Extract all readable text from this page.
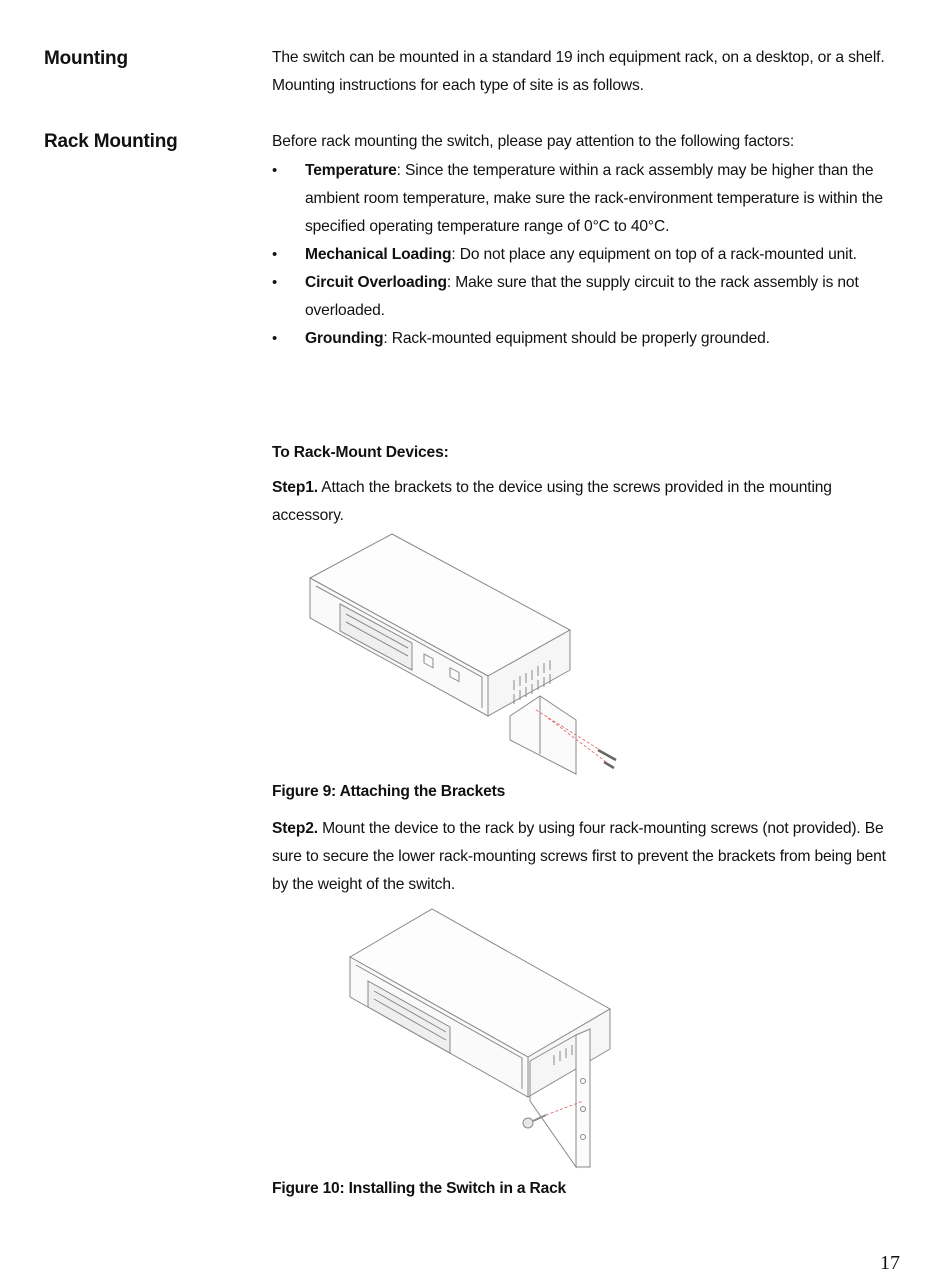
Mounting	The switch can be mounted in a standard 19 inch equipment rack, on a desktop, or a shelf. Mounting instructions for each type of site is as follows.

Rack Mounting	Before rack mounting the switch, please pay attention to the following factors:

• Temperature: Since the temperature within a rack assembly may be higher than the ambient room temperature, make sure the rack-environment temperature is within the specified operating temperature range of 0°C to 40°C.
• Mechanical Loading: Do not place any equipment on top of a rack-mounted unit.
• Circuit Overloading: Make sure that the supply circuit to the rack assembly is not overloaded.
• Grounding: Rack-mounted equipment should be properly grounded.

To Rack-Mount Devices:

Step1. Attach the brackets to the device using the screws provided in the mounting accessory.

Figure 9: Attaching the Brackets

Step2. Mount the device to the rack by using four rack-mounting screws (not provided). Be sure to secure the lower rack-mounting screws first to prevent the brackets from being bent by the weight of the switch.

Figure 10: Installing the Switch in a Rack

17
